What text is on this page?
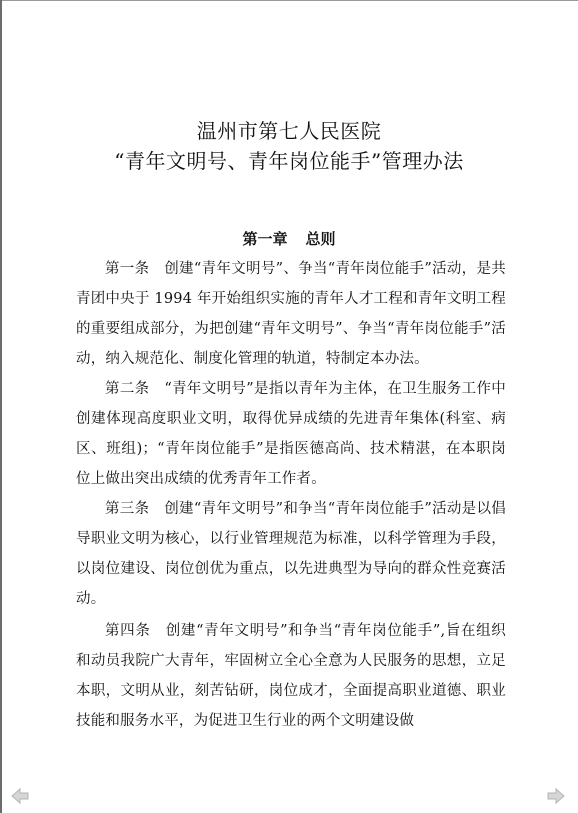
温州市第七人民医院
“青年文明号、青年岗位能手”管理办法
第一章 总则

第一条　 创建“青年文明号”、争当“青年岗位能手”活动，是共青团中央于 1994 年开始组织实施的青年人才工程和青年文明工程的重要组成部分，为把创建“青年文明号”、争当“青年岗位能手”活动，纳入规范化、制度化管理的轨道，特制定本办法。

第二条　 “青年文明号”是指以青年为主体，在卫生服务工作中创建体现高度职业文明，取得优异成绩的先进青年集体(科室、病区、班组)；“青年岗位能手”是指医德高尚、技术精湛，在本职岗位上做出突出成绩的优秀青年工作者。

第三条　 创建“青年文明号”和争当“青年岗位能手”活动是以倡导职业文明为核心，以行业管理规范为标准，以科学管理为手段，以岗位建设、岗位创优为重点，以先进典型为导向的群众性竞赛活动。

第四条　 创建“青年文明号”和争当“青年岗位能手”,旨在组织和动员我院广大青年，牢固树立全心全意为人民服务的思想，立足本职，文明从业，刻苦钻研，岗位成才，全面提高职业道德、职业技能和服务水平，为促进卫生行业的两个文明建设做
